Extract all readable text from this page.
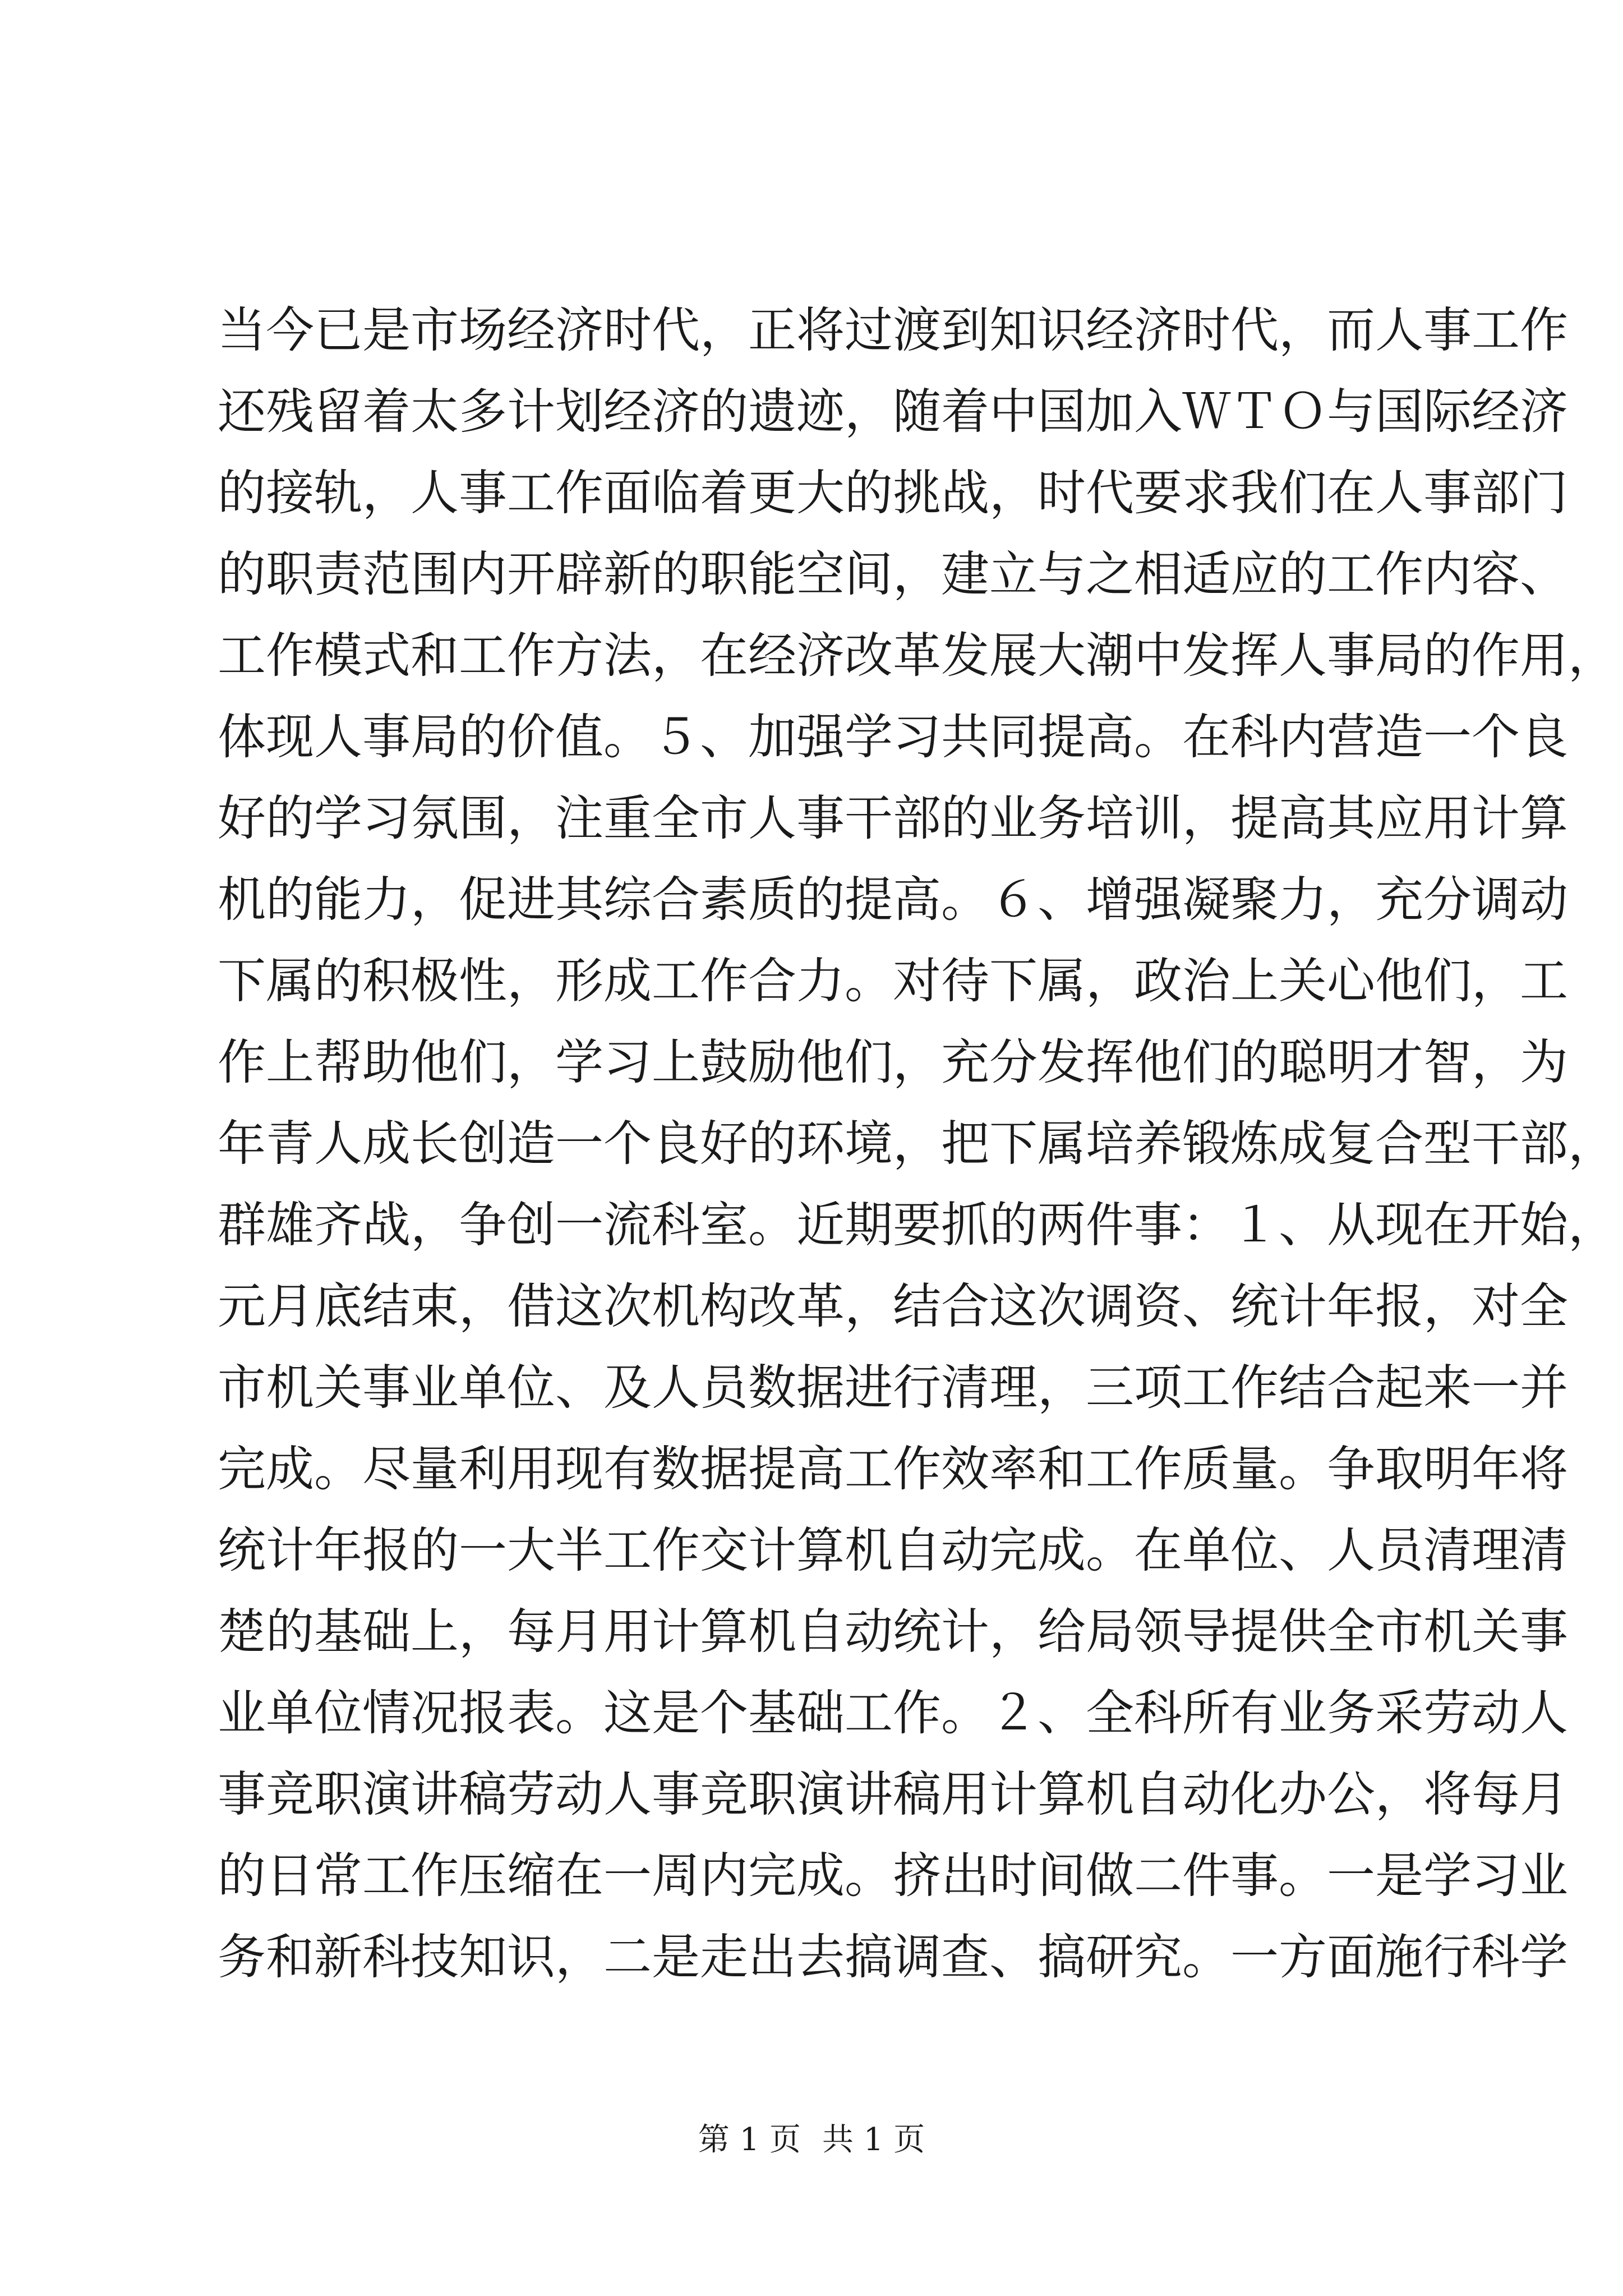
当今已是市场经济时代，正将过渡到知识经济时代，而人事工作
还残留着太多计划经济的遗迹，随着中国加入ＷＴＯ与国际经济
的接轨，人事工作面临着更大的挑战，时代要求我们在人事部门
的职责范围内开辟新的职能空间，建立与之相适应的工作内容、
工作模式和工作方法，在经济改革发展大潮中发挥人事局的作用，
体现人事局的价值。５、加强学习共同提高。在科内营造一个良
好的学习氛围，注重全市人事干部的业务培训，提高其应用计算
机的能力，促进其综合素质的提高。６、增强凝聚力，充分调动
下属的积极性，形成工作合力。对待下属，政治上关心他们，工
作上帮助他们，学习上鼓励他们，充分发挥他们的聪明才智，为
年青人成长创造一个良好的环境，把下属培养锻炼成复合型干部，
群雄齐战，争创一流科室。近期要抓的两件事：１、从现在开始，
元月底结束，借这次机构改革，结合这次调资、统计年报，对全
市机关事业单位、及人员数据进行清理，三项工作结合起来一并
完成。尽量利用现有数据提高工作效率和工作质量。争取明年将
统计年报的一大半工作交计算机自动完成。在单位、人员清理清
楚的基础上，每月用计算机自动统计，给局领导提供全市机关事
业单位情况报表。这是个基础工作。２、全科所有业务采劳动人
事竞职演讲稿劳动人事竞职演讲稿用计算机自动化办公，将每月
的日常工作压缩在一周内完成。挤出时间做二件事。一是学习业
务和新科技知识，二是走出去搞调查、搞研究。一方面施行科学
第 1 页 共 1 页
